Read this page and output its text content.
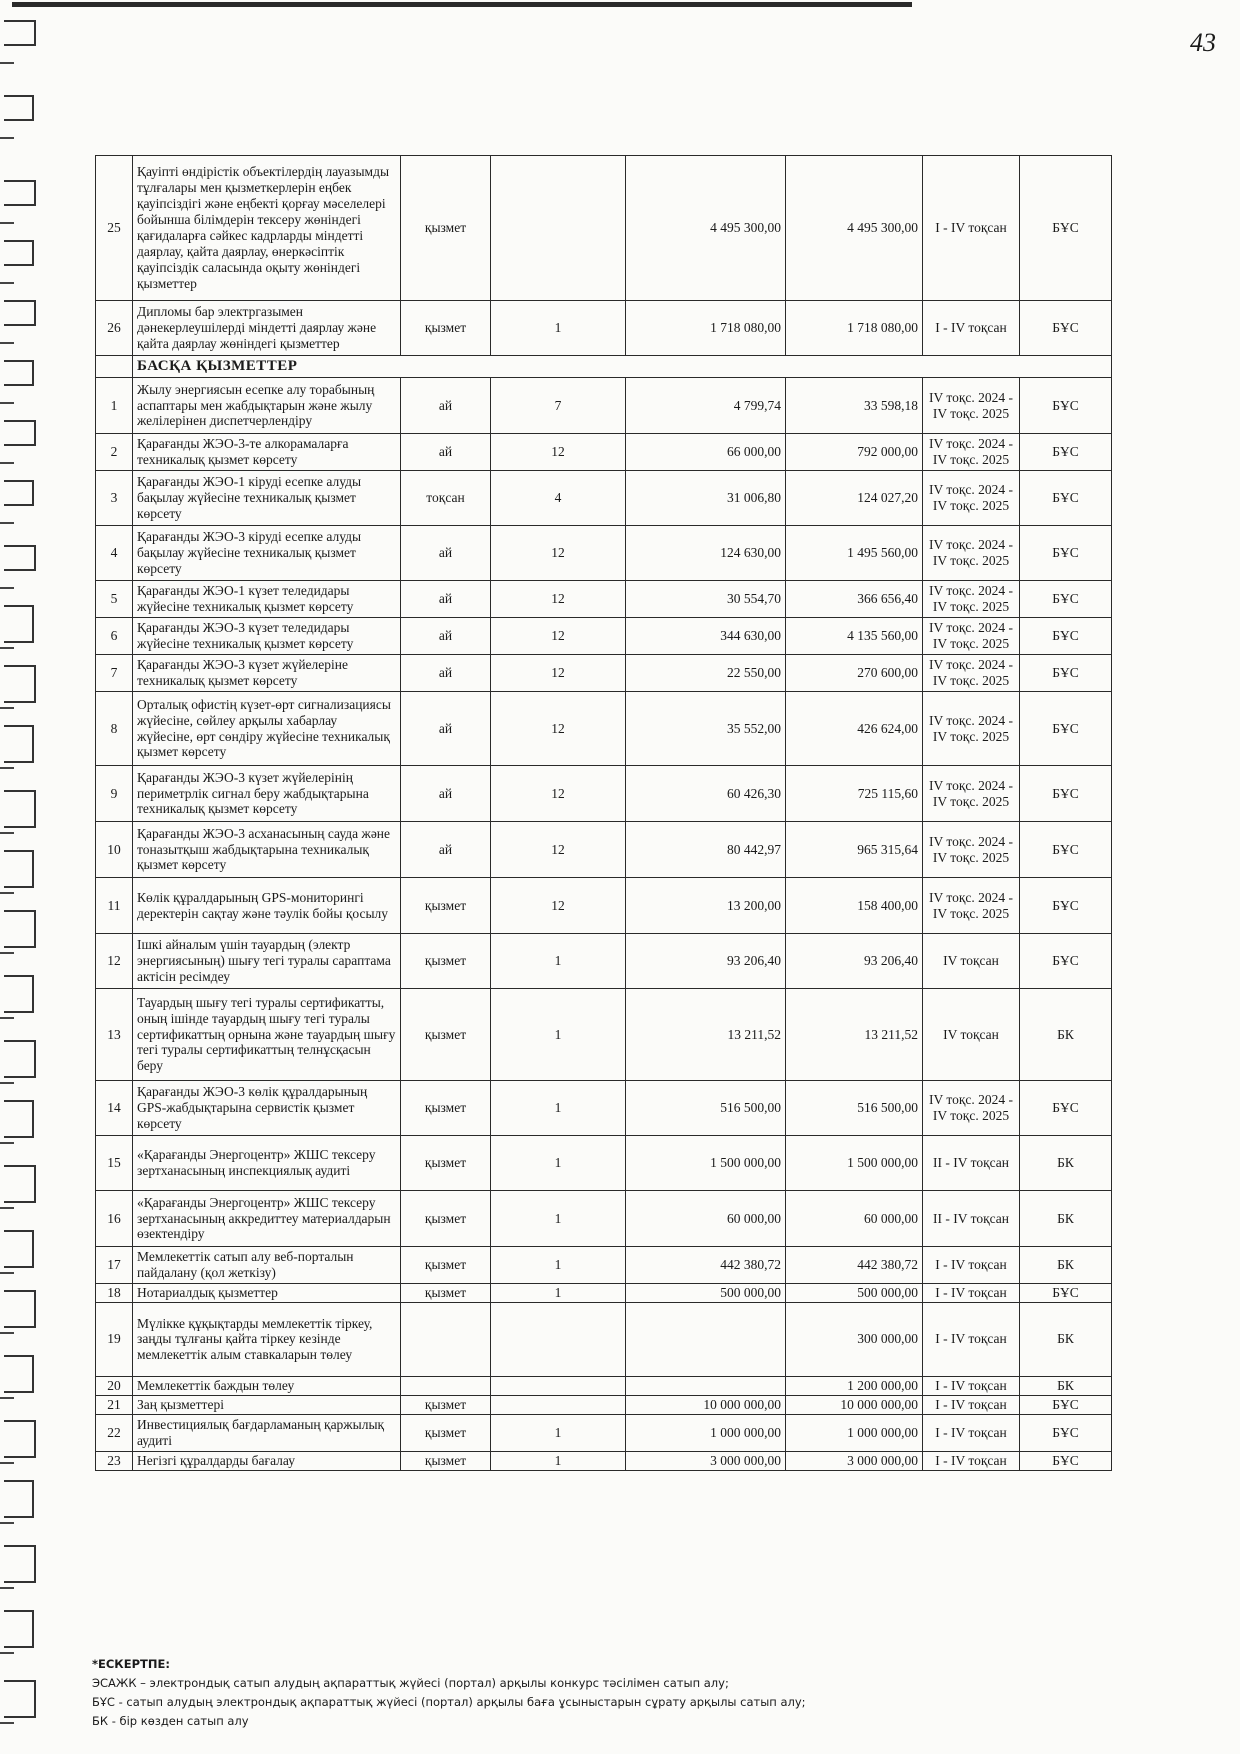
43
25	Қауіпті өндірістік объектілердің лауазымды тұлғалары мен қызметкерлерін еңбек қауіпсіздігі және еңбекті қорғау мәселелері бойынша білімдерін тексеру жөніндегі қағидаларға сәйкес кадрларды міндетті даярлау, қайта даярлау, өнеркәсіптік қауіпсіздік саласында оқыту жөніндегі қызметтер	қызмет		4 495 300,00	4 495 300,00	I - IV тоқсан	БҰС
26	Дипломы бар электргазымен дәнекерлеушілерді міндетті даярлау және қайта даярлау жөніндегі қызметтер	қызмет	1	1 718 080,00	1 718 080,00	I - IV тоқсан	БҰС
	БАСҚА ҚЫЗМЕТТЕР						
1	Жылу энергиясын есепке алу торабының аспаптары мен жабдықтарын және жылу желілерінен диспетчерлендіру	ай	7	4 799,74	33 598,18	IV тоқс. 2024 - IV тоқс. 2025	БҰС
2	Қарағанды ЖЭО-3-те алкорамаларға техникалық қызмет көрсету	ай	12	66 000,00	792 000,00	IV тоқс. 2024 - IV тоқс. 2025	БҰС
3	Қарағанды ЖЭО-1 кіруді есепке алуды бақылау жүйесіне техникалық қызмет көрсету	тоқсан	4	31 006,80	124 027,20	IV тоқс. 2024 - IV тоқс. 2025	БҰС
4	Қарағанды ЖЭО-3 кіруді есепке алуды бақылау жүйесіне техникалық қызмет көрсету	ай	12	124 630,00	1 495 560,00	IV тоқс. 2024 - IV тоқс. 2025	БҰС
5	Қарағанды ЖЭО-1 күзет теледидары жүйесіне техникалық қызмет көрсету	ай	12	30 554,70	366 656,40	IV тоқс. 2024 - IV тоқс. 2025	БҰС
6	Қарағанды ЖЭО-3 күзет теледидары жүйесіне техникалық қызмет көрсету	ай	12	344 630,00	4 135 560,00	IV тоқс. 2024 - IV тоқс. 2025	БҰС
7	Қарағанды ЖЭО-3 күзет жүйелеріне техникалық қызмет көрсету	ай	12	22 550,00	270 600,00	IV тоқс. 2024 - IV тоқс. 2025	БҰС
8	Орталық офистің күзет-өрт сигнализациясы жүйесіне, сөйлеу арқылы хабарлау жүйесіне, өрт сөндіру жүйесіне техникалық қызмет көрсету	ай	12	35 552,00	426 624,00	IV тоқс. 2024 - IV тоқс. 2025	БҰС
9	Қарағанды ЖЭО-3 күзет жүйелерінің периметрлік сигнал беру жабдықтарына техникалық қызмет көрсету	ай	12	60 426,30	725 115,60	IV тоқс. 2024 - IV тоқс. 2025	БҰС
10	Қарағанды ЖЭО-3 асханасының сауда және тоназытқыш жабдықтарына техникалық қызмет көрсету	ай	12	80 442,97	965 315,64	IV тоқс. 2024 - IV тоқс. 2025	БҰС
11	Көлік құралдарының GPS-мониторингі деректерін сақтау және тәулік бойы қосылу	қызмет	12	13 200,00	158 400,00	IV тоқс. 2024 - IV тоқс. 2025	БҰС
12	Ішкі айналым үшін тауардың (электр энергиясының) шығу тегі туралы сараптама актісін ресімдеу	қызмет	1	93 206,40	93 206,40	IV тоқсан	БҰС
13	Тауардың шығу тегі туралы сертификатты, оның ішінде тауардың шығу тегі туралы сертификаттың орнына және тауардың шығу тегі туралы сертификаттың телнұсқасын беру	қызмет	1	13 211,52	13 211,52	IV тоқсан	БК
14	Қарағанды ЖЭО-3 көлік құралдарының GPS-жабдықтарына сервистік қызмет көрсету	қызмет	1	516 500,00	516 500,00	IV тоқс. 2024 - IV тоқс. 2025	БҰС
15	«Қарағанды Энергоцентр» ЖШС тексеру зертханасының инспекциялық аудиті	қызмет	1	1 500 000,00	1 500 000,00	II - IV тоқсан	БК
16	«Қарағанды Энергоцентр» ЖШС тексеру зертханасының аккредиттеу материалдарын өзектендіру	қызмет	1	60 000,00	60 000,00	II - IV тоқсан	БК
17	Мемлекеттік сатып алу веб-порталын пайдалану (қол жеткізу)	қызмет	1	442 380,72	442 380,72	I - IV тоқсан	БК
18	Нотариалдық қызметтер	қызмет	1	500 000,00	500 000,00	I - IV тоқсан	БҰС
19	Мүлікке құқықтарды мемлекеттік тіркеу, заңды тұлғаны қайта тіркеу кезінде мемлекеттік алым ставкаларын төлеу				300 000,00	I - IV тоқсан	БК
20	Мемлекеттік баждын төлеу				1 200 000,00	I - IV тоқсан	БК
21	Заң қызметтері	қызмет		10 000 000,00	10 000 000,00	I - IV тоқсан	БҰС
22	Инвестициялық бағдарламаның қаржылық аудиті	қызмет	1	1 000 000,00	1 000 000,00	I - IV тоқсан	БҰС
23	Негізгі құралдарды бағалау	қызмет	1	3 000 000,00	3 000 000,00	I - IV тоқсан	БҰС
*ЕСКЕРТПЕ:
ЭСАЖК – электрондық сатып алудың ақпараттық жүйесі (портал) арқылы конкурс тәсілімен сатып алу;
БҰС - сатып алудың электрондық ақпараттық жүйесі (портал) арқылы баға ұсыныстарын сұрату арқылы сатып алу;
БК - бір көзден сатып алу
